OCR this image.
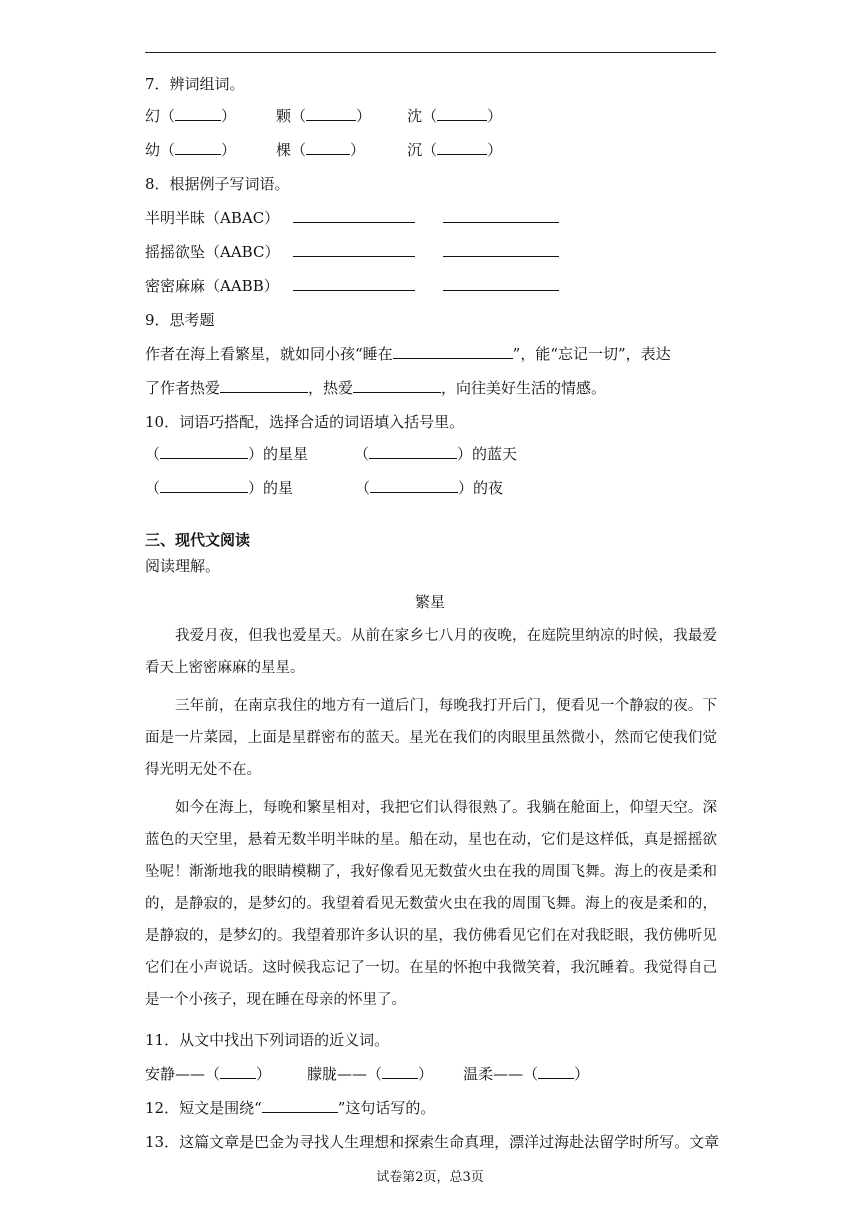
7．辨词组词。
幻（	）	颗（	） 沈（	）
幼（	）	棵（	）	沉（	）
8．根据例子写词语。
半明半昧（ABAC）
摇摇欲坠（AABC）
密密麻麻（AABB）
9．思考题
作者在海上看繁星，就如同小孩“睡在	”，能“忘记一切”，表达
了作者热爱	，热爱	，向往美好生活的情感。
10．词语巧搭配，选择合适的词语填入括号里。
（	）的星星	（	）的蓝天
（	）的星	（	）的夜
三、现代文阅读
阅读理解。
繁星
我爱月夜，但我也爱星天。从前在家乡七八月的夜晚，在庭院里纳凉的时候，我最爱看天上密密麻麻的星星。
三年前，在南京我住的地方有一道后门，每晚我打开后门，便看见一个静寂的夜。下面是一片菜园，上面是星群密布的蓝天。星光在我们的肉眼里虽然微小，然而它使我们觉得光明无处不在。
如今在海上，每晚和繁星相对，我把它们认得很熟了。我躺在舱面上，仰望天空。深蓝色的天空里，悬着无数半明半昧的星。船在动，星也在动，它们是这样低，真是摇摇欲坠呢！渐渐地我的眼睛模糊了，我好像看见无数萤火虫在我的周围飞舞。海上的夜是柔和的，是静寂的，是梦幻的。我望着看见无数萤火虫在我的周围飞舞。海上的夜是柔和的，是静寂的，是梦幻的。我望着那许多认识的星，我仿佛看见它们在对我眨眼，我仿佛听见它们在小声说话。这时候我忘记了一切。在星的怀抱中我微笑着，我沉睡着。我觉得自己是一个小孩子，现在睡在母亲的怀里了。
11．从文中找出下列词语的近义词。
安静——（ ） 朦胧——（ ） 温柔——（ ）
12．短文是围绕“	”这句话写的。
13．这篇文章是巴金为寻找人生理想和探索生命真理，漂洋过海赴法留学时所写。文章
试卷第2页，总3页
